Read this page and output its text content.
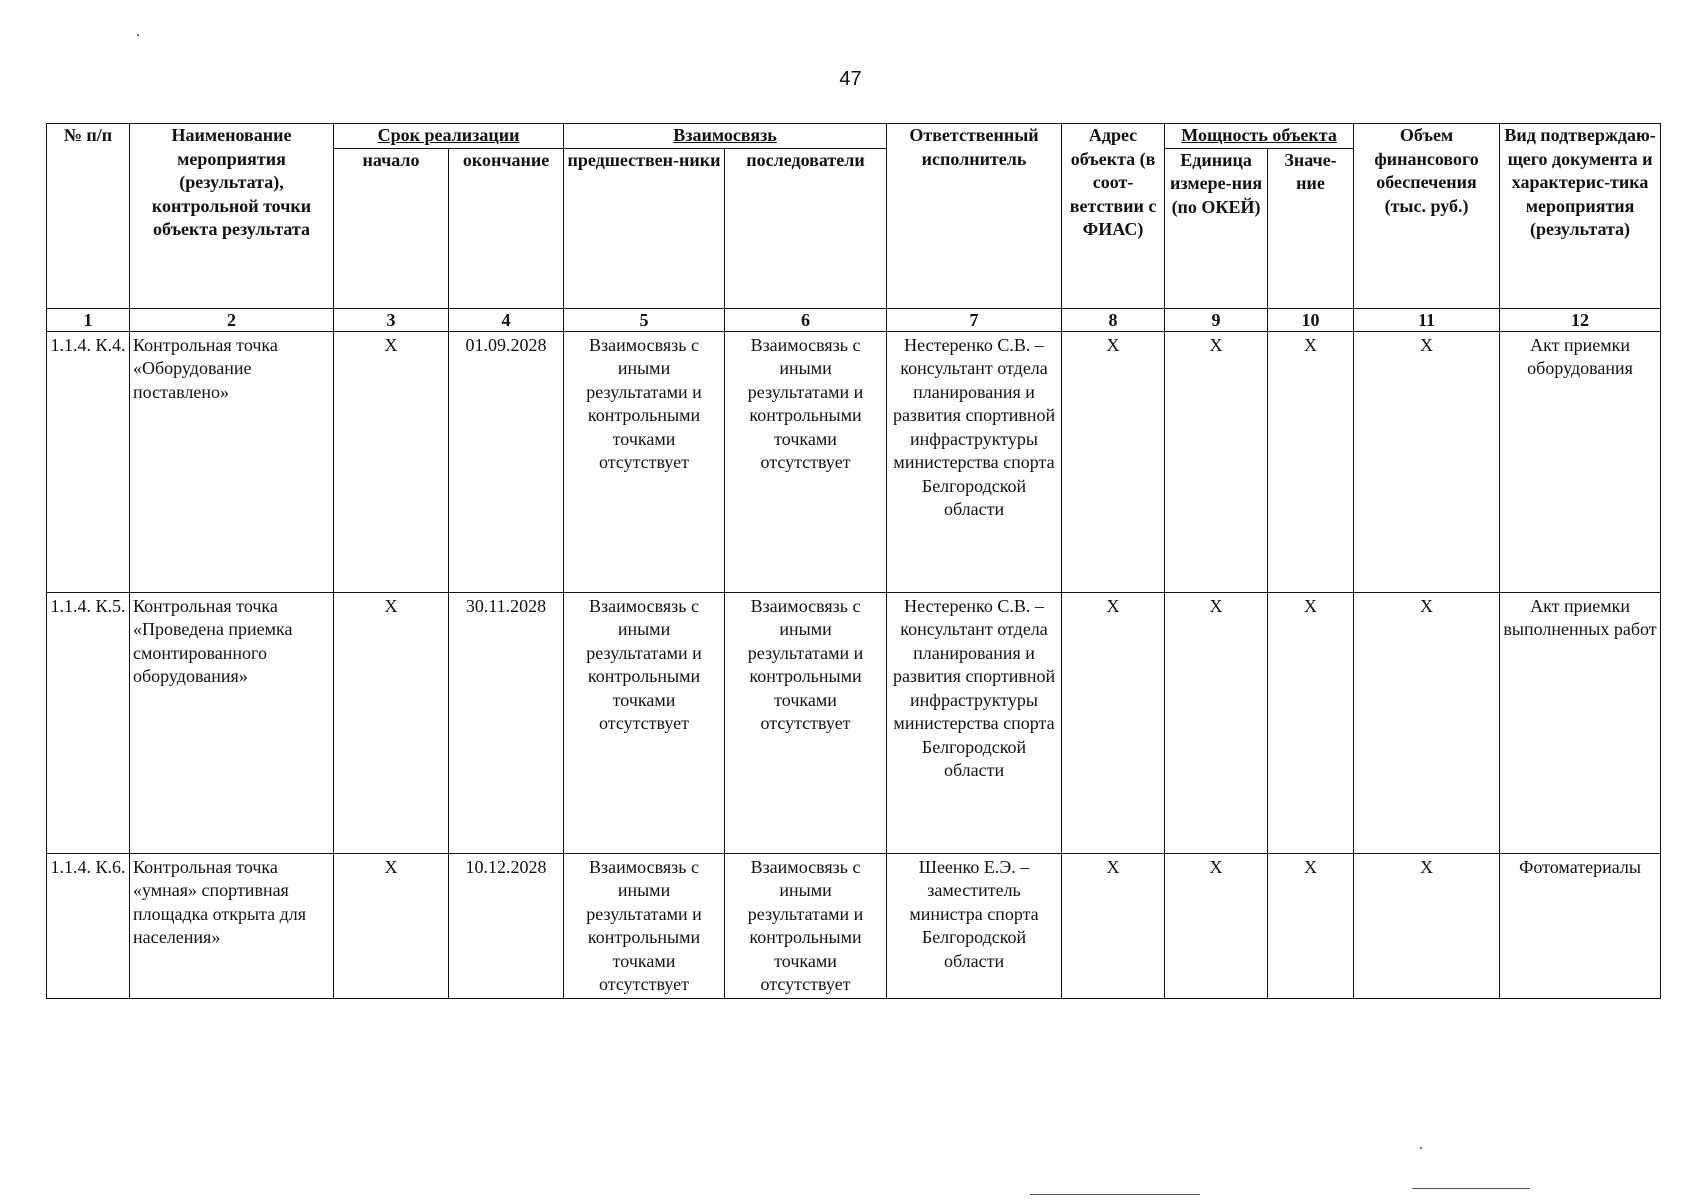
47
№ п/п	Наименование мероприятия (результата), контрольной точки объекта результата	Срок реализации		Взаимосвязь		Ответственный исполнитель	Адрес объекта (в соот-ветствии с ФИАС)	Мощность объекта		Объем финансового обеспечения (тыс. руб.)	Вид подтверждаю-щего документа и характерис-тика мероприятия (результата)
		начало	окончание	предшествен-ники	последователи			Единица измере-ния (по ОКЕЙ)	Значе-ние		
1	2	3	4	5	6	7	8	9	10	11	12
1.1.4. К.4.	Контрольная точка «Оборудование поставлено»	X	01.09.2028	Взаимосвязь с иными результатами и контрольными точками отсутствует	Взаимосвязь с иными результатами и контрольными точками отсутствует	Нестеренко С.В. – консультант отдела планирования и развития спортивной инфраструктуры министерства спорта Белгородской области	X	X	X	X	Акт приемки оборудования
1.1.4. К.5.	Контрольная точка «Проведена приемка смонтированного оборудования»	X	30.11.2028	Взаимосвязь с иными результатами и контрольными точками отсутствует	Взаимосвязь с иными результатами и контрольными точками отсутствует	Нестеренко С.В. – консультант отдела планирования и развития спортивной инфраструктуры министерства спорта Белгородской области	X	X	X	X	Акт приемки выполненных работ
1.1.4. К.6.	Контрольная точка «умная» спортивная площадка открыта для населения»	X	10.12.2028	Взаимосвязь с иными результатами и контрольными точками отсутствует	Взаимосвязь с иными результатами и контрольными точками отсутствует	Шеенко Е.Э. – заместитель министра спорта Белгородской области	X	X	X	X	Фотоматериалы
